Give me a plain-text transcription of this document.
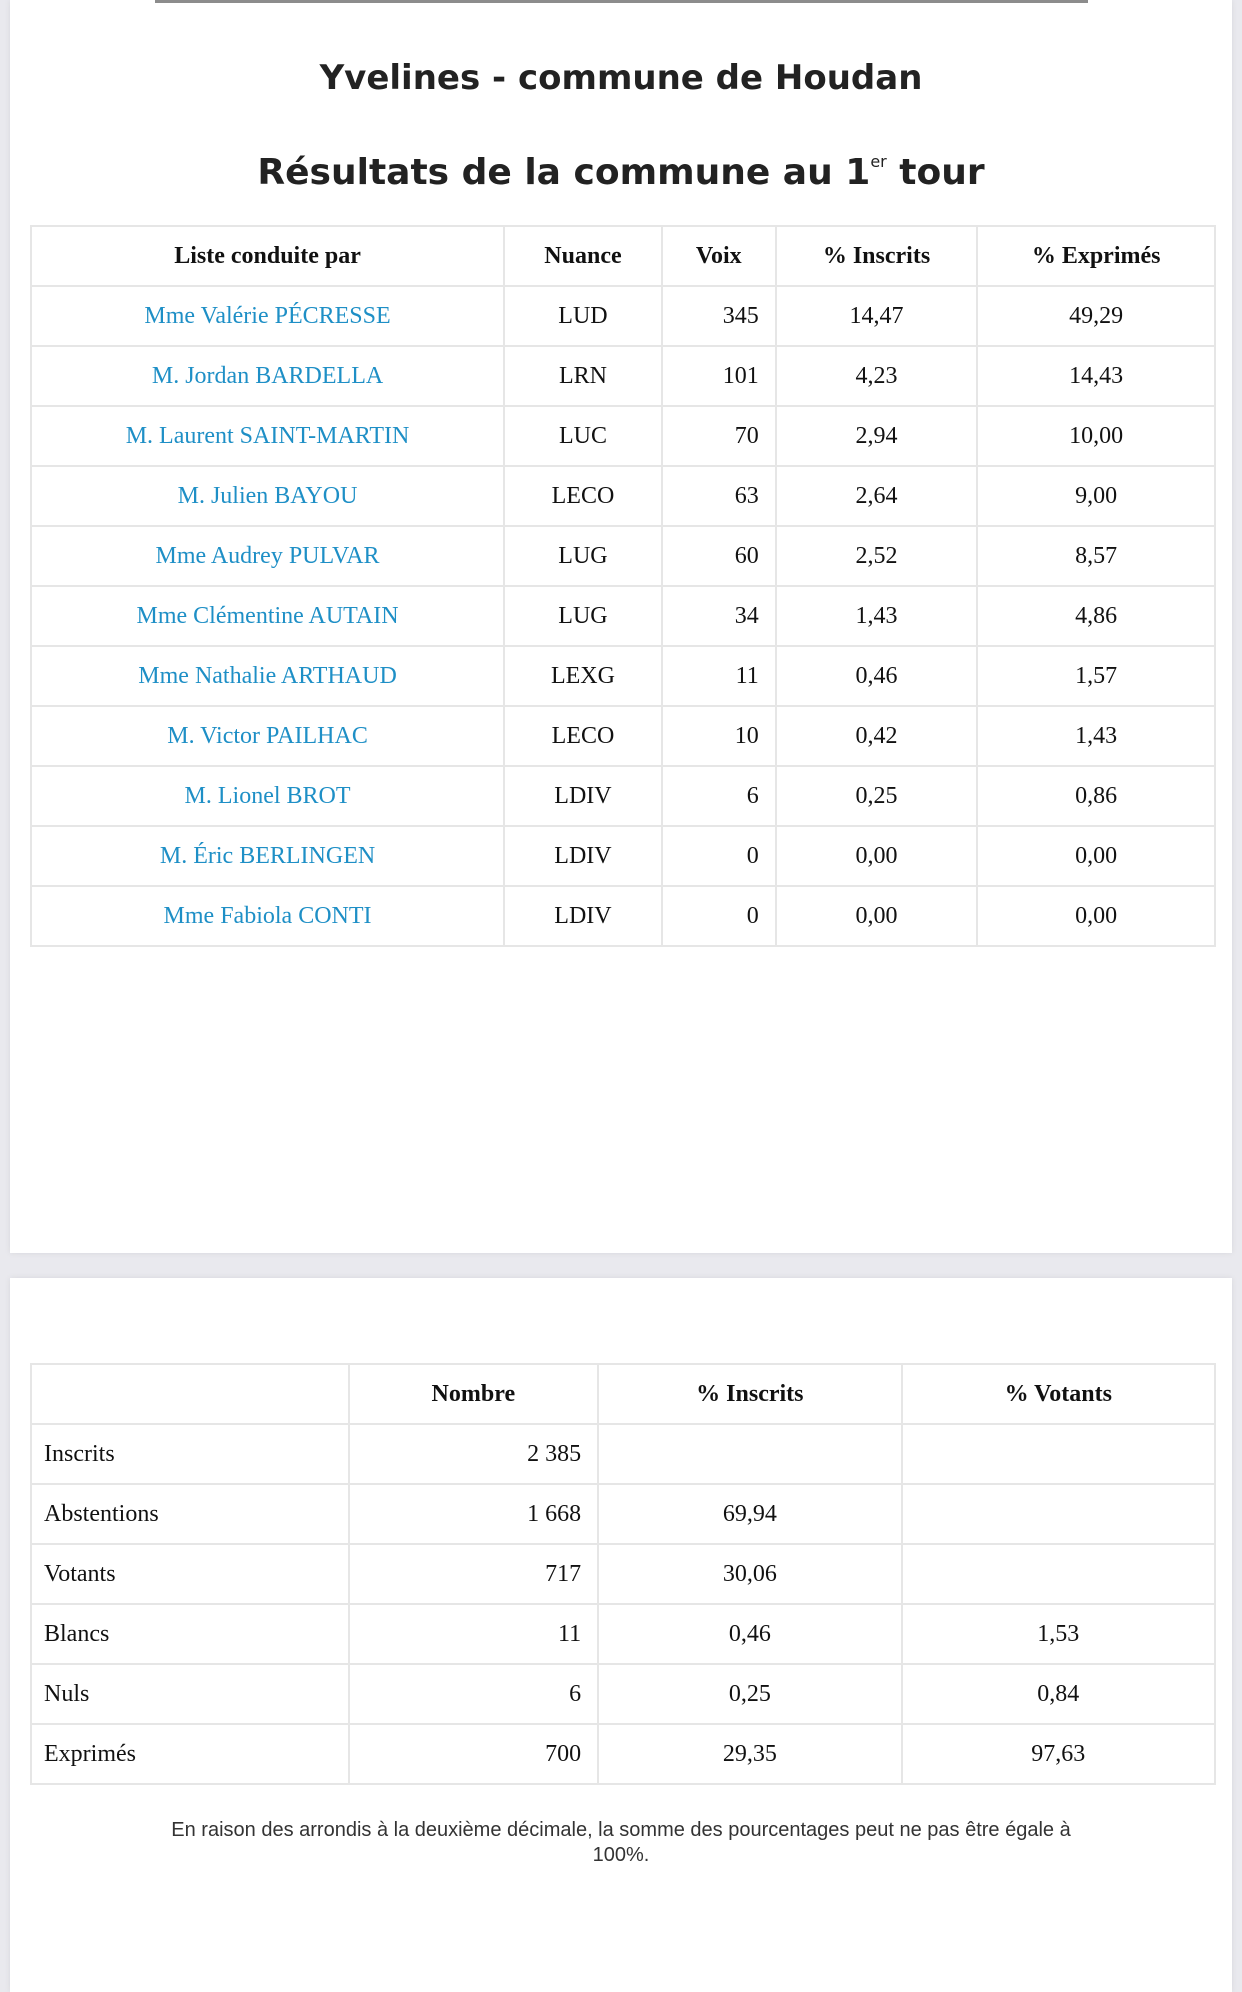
Yvelines - commune de Houdan
Résultats de la commune au 1er tour
Liste conduite par	Nuance	Voix	% Inscrits	% Exprimés
Mme Valérie PÉCRESSE	LUD	345	14,47	49,29
M. Jordan BARDELLA	LRN	101	4,23	14,43
M. Laurent SAINT-MARTIN	LUC	70	2,94	10,00
M. Julien BAYOU	LECO	63	2,64	9,00
Mme Audrey PULVAR	LUG	60	2,52	8,57
Mme Clémentine AUTAIN	LUG	34	1,43	4,86
Mme Nathalie ARTHAUD	LEXG	11	0,46	1,57
M. Victor PAILHAC	LECO	10	0,42	1,43
M. Lionel BROT	LDIV	6	0,25	0,86
M. Éric BERLINGEN	LDIV	0	0,00	0,00
Mme Fabiola CONTI	LDIV	0	0,00	0,00
	Nombre	% Inscrits	% Votants
Inscrits	2 385		
Abstentions	1 668	69,94	
Votants	717	30,06	
Blancs	11	0,46	1,53
Nuls	6	0,25	0,84
Exprimés	700	29,35	97,63
En raison des arrondis à la deuxième décimale, la somme des pourcentages peut ne pas être égale à 100%.
